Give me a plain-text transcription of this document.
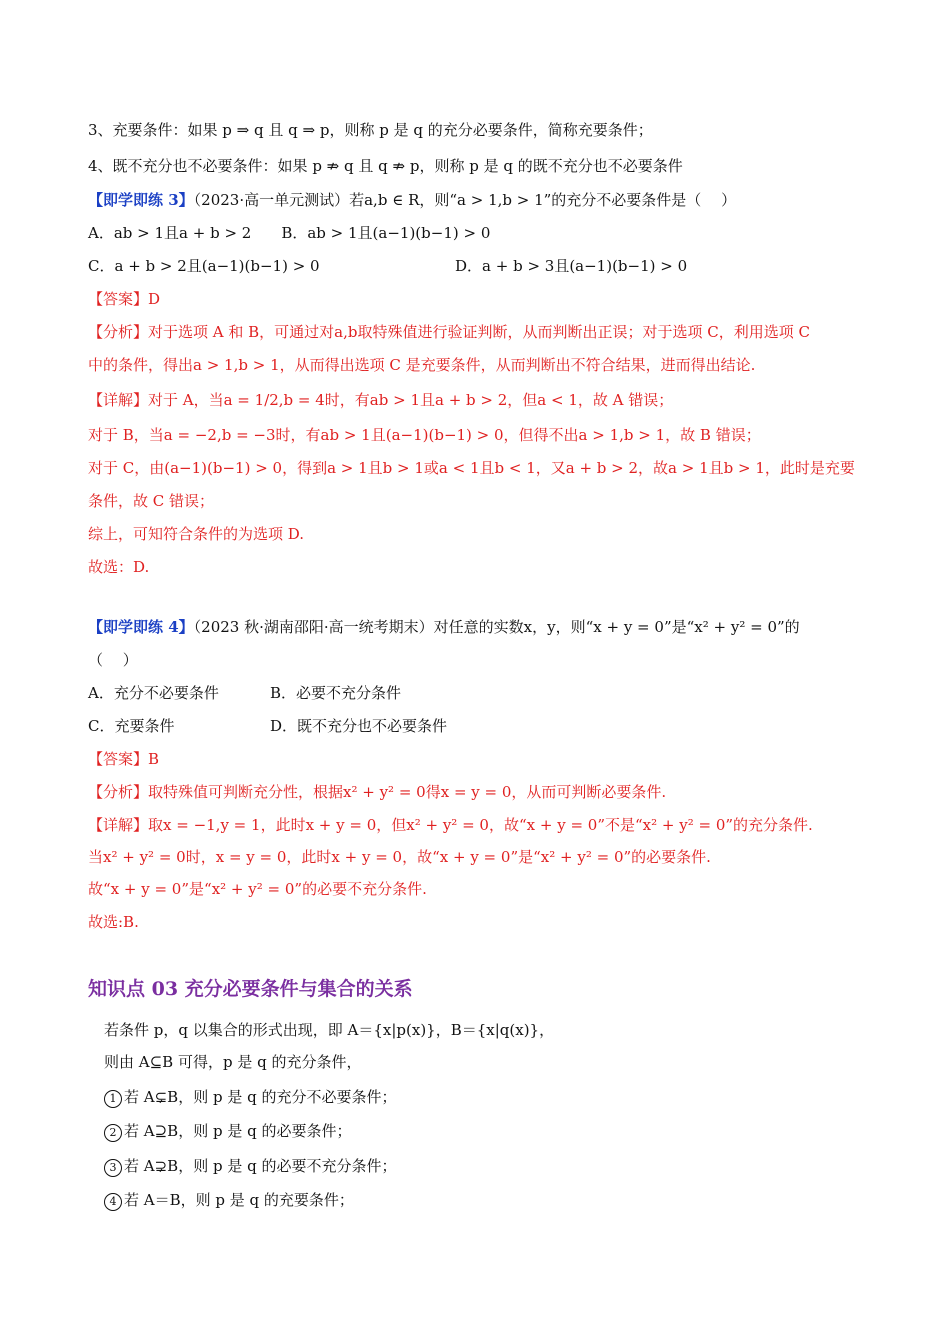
3、充要条件：如果 p ⇒ q 且 q ⇒ p，则称 p 是 q 的充分必要条件，简称充要条件；
4、既不充分也不必要条件：如果 p ⇏ q 且 q ⇏ p，则称 p 是 q 的既不充分也不必要条件
【即学即练 3】（2023·高一单元测试）若a,b ∈ R，则“a > 1,b > 1”的充分不必要条件是（　 ）
A．ab > 1且a + b > 2　　B．ab > 1且(a−1)(b−1) > 0
C．a + b > 2且(a−1)(b−1) > 0	D．a + b > 3且(a−1)(b−1) > 0
【答案】D
【分析】对于选项 A 和 B，可通过对a,b取特殊值进行验证判断，从而判断出正误；对于选项 C，利用选项 C
中的条件，得出a > 1,b > 1，从而得出选项 C 是充要条件，从而判断出不符合结果，进而得出结论.
【详解】对于 A，当a = 1/2,b = 4时，有ab > 1且a + b > 2，但a < 1，故 A 错误；
对于 B，当a = −2,b = −3时，有ab > 1且(a−1)(b−1) > 0，但得不出a > 1,b > 1，故 B 错误；
对于 C，由(a−1)(b−1) > 0，得到a > 1且b > 1或a < 1且b < 1，又a + b > 2，故a > 1且b > 1，此时是充要
条件，故 C 错误；
综上，可知符合条件的为选项 D.
故选：D.
【即学即练 4】（2023 秋·湖南邵阳·高一统考期末）对任意的实数x，y，则“x + y = 0”是“x² + y² = 0”的
（　 ）
A．充分不必要条件	B．必要不充分条件
C．充要条件	D．既不充分也不必要条件
【答案】B
【分析】取特殊值可判断充分性，根据x² + y² = 0得x = y = 0，从而可判断必要条件.
【详解】取x = −1,y = 1，此时x + y = 0，但x² + y² = 0，故“x + y = 0”不是“x² + y² = 0”的充分条件.
当x² + y² = 0时，x = y = 0，此时x + y = 0，故“x + y = 0”是“x² + y² = 0”的必要条件.
故“x + y = 0”是“x² + y² = 0”的必要不充分条件.
故选:B.
知识点 03 充分必要条件与集合的关系
若条件 p，q 以集合的形式出现，即 A＝{x|p(x)}，B＝{x|q(x)}，
则由 A⊆B 可得，p 是 q 的充分条件，
1 若 A⊊B，则 p 是 q 的充分不必要条件；
2 若 A⊇B，则 p 是 q 的必要条件；
3 若 A⊋B，则 p 是 q 的必要不充分条件；
4 若 A＝B，则 p 是 q 的充要条件；
